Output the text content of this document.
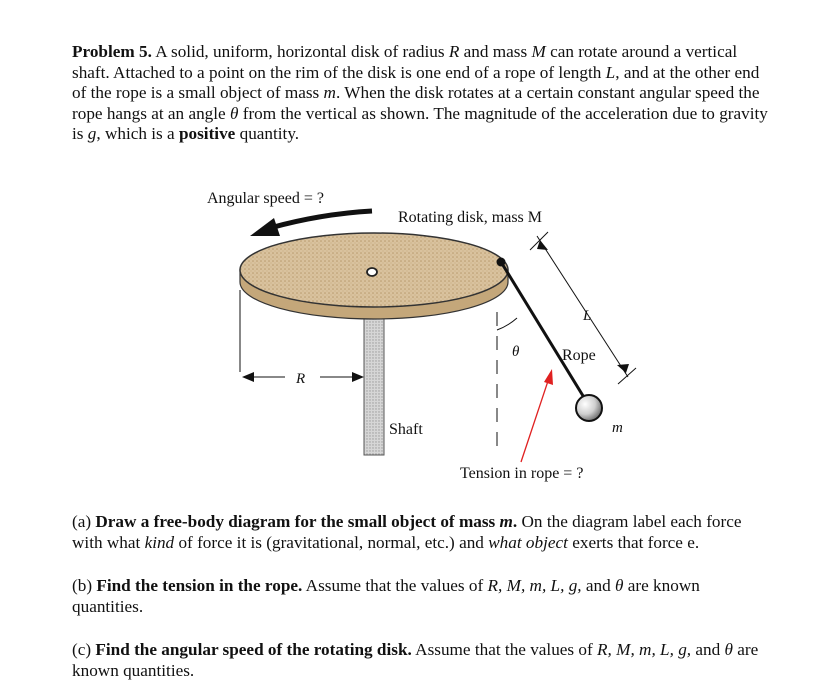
Problem 5. A solid, uniform, horizontal disk of radius R and mass M can rotate around a vertical shaft. Attached to a point on the rim of the disk is one end of a rope of length L, and at the other end of the rope is a small object of mass m. When the disk rotates at a certain constant angular speed the rope hangs at an angle θ from the vertical as shown. The magnitude of the acceleration due to gravity is g, which is a positive quantity.

Angular speed = ?
Rotating disk, mass M
θ	Rope
L
R
Shaft	m
Tension in rope = ?

(a) Draw a free-body diagram for the small object of mass m. On the diagram label each force with what kind of force it is (gravitational, normal, etc.) and what object exerts that force e.

(b) Find the tension in the rope. Assume that the values of R, M, m, L, g, and θ are known quantities.

(c) Find the angular speed of the rotating disk. Assume that the values of R, M, m, L, g, and θ are known quantities.
